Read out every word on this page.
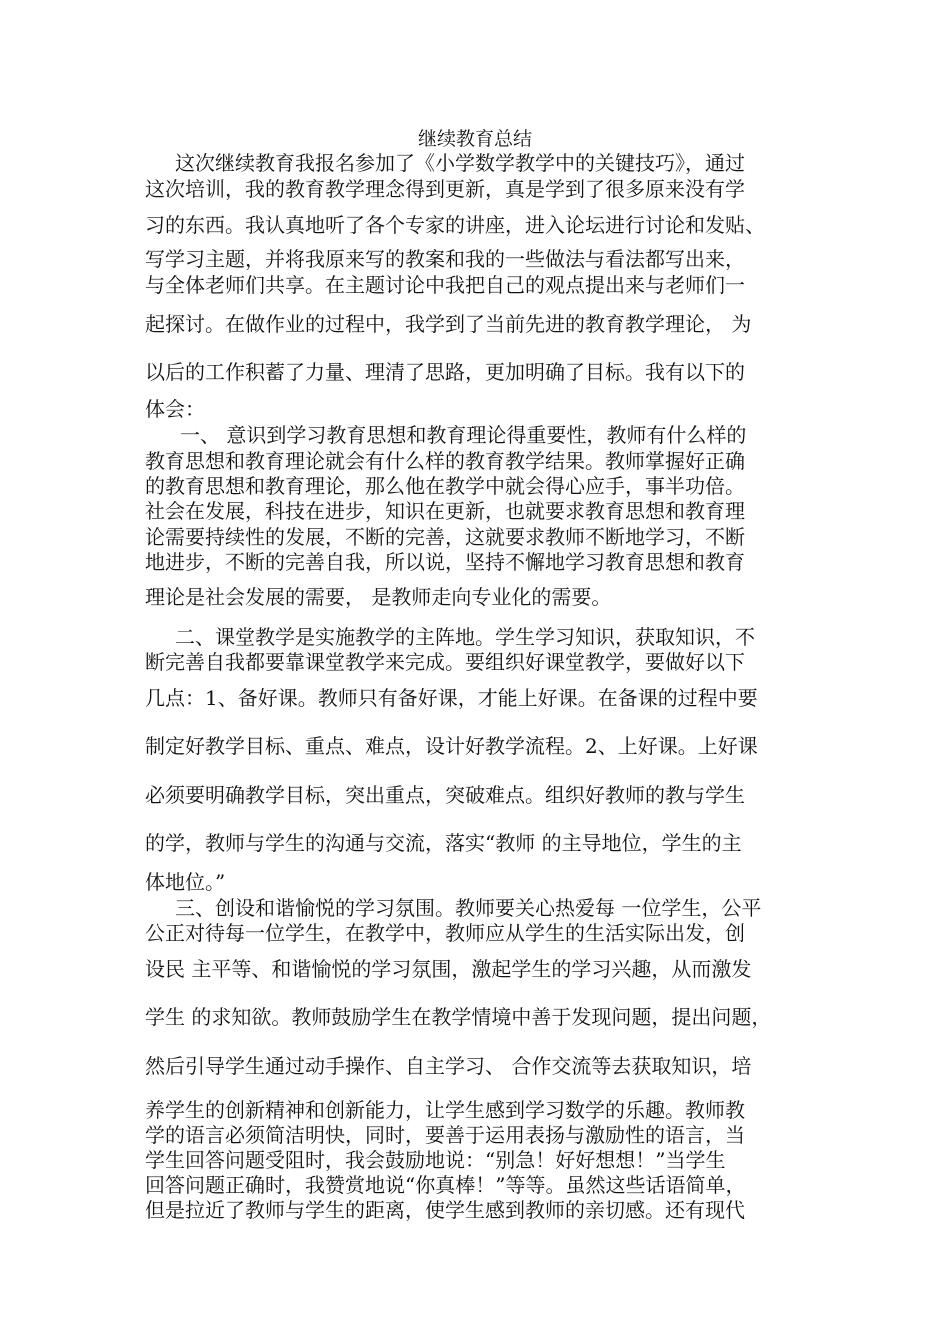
继续教育总结
这次继续教育我报名参加了《小学数学教学中的关键技巧》，通过
这次培训，我的教育教学理念得到更新，真是学到了很多原来没有学
习的东西。我认真地听了各个专家的讲座，进入论坛进行讨论和发贴、
写学习主题，并将我原来写的教案和我的一些做法与看法都写出来，
与全体老师们共享。在主题讨论中我把自己的观点提出来与老师们一
起探讨。在做作业的过程中，我学到了当前先进的教育教学理论， 为
以后的工作积蓄了力量、理清了思路，更加明确了目标。我有以下的
体会：
一、 意识到学习教育思想和教育理论得重要性，教师有什么样的
教育思想和教育理论就会有什么样的教育教学结果。教师掌握好正确
的教育思想和教育理论，那么他在教学中就会得心应手，事半功倍。
社会在发展，科技在进步，知识在更新，也就要求教育思想和教育理
论需要持续性的发展，不断的完善，这就要求教师不断地学习，不断
地进步，不断的完善自我，所以说，坚持不懈地学习教育思想和教育
理论是社会发展的需要， 是教师走向专业化的需要。
二、课堂教学是实施教学的主阵地。学生学习知识，获取知识，不
断完善自我都要靠课堂教学来完成。要组织好课堂教学，要做好以下
几点：1、备好课。教师只有备好课，才能上好课。在备课的过程中要
制定好教学目标、重点、难点，设计好教学流程。2、上好课。上好课
必须要明确教学目标，突出重点，突破难点。组织好教师的教与学生
的学，教师与学生的沟通与交流，落实“教师 的主导地位，学生的主
体地位。”
三、创设和谐愉悦的学习氛围。教师要关心热爱每 一位学生，公平
公正对待每一位学生，在教学中，教师应从学生的生活实际出发，创
设民 主平等、和谐愉悦的学习氛围，激起学生的学习兴趣，从而激发
学生 的求知欲。教师鼓励学生在教学情境中善于发现问题，提出问题，
然后引导学生通过动手操作、自主学习、 合作交流等去获取知识，培
养学生的创新精神和创新能力，让学生感到学习数学的乐趣。教师教
学的语言必须简洁明快，同时，要善于运用表扬与激励性的语言，当
学生回答问题受阻时，我会鼓励地说：“别急！好好想想！”当学生
回答问题正确时，我赞赏地说“你真棒！”等等。虽然这些话语简单，
但是拉近了教师与学生的距离，使学生感到教师的亲切感。还有现代
